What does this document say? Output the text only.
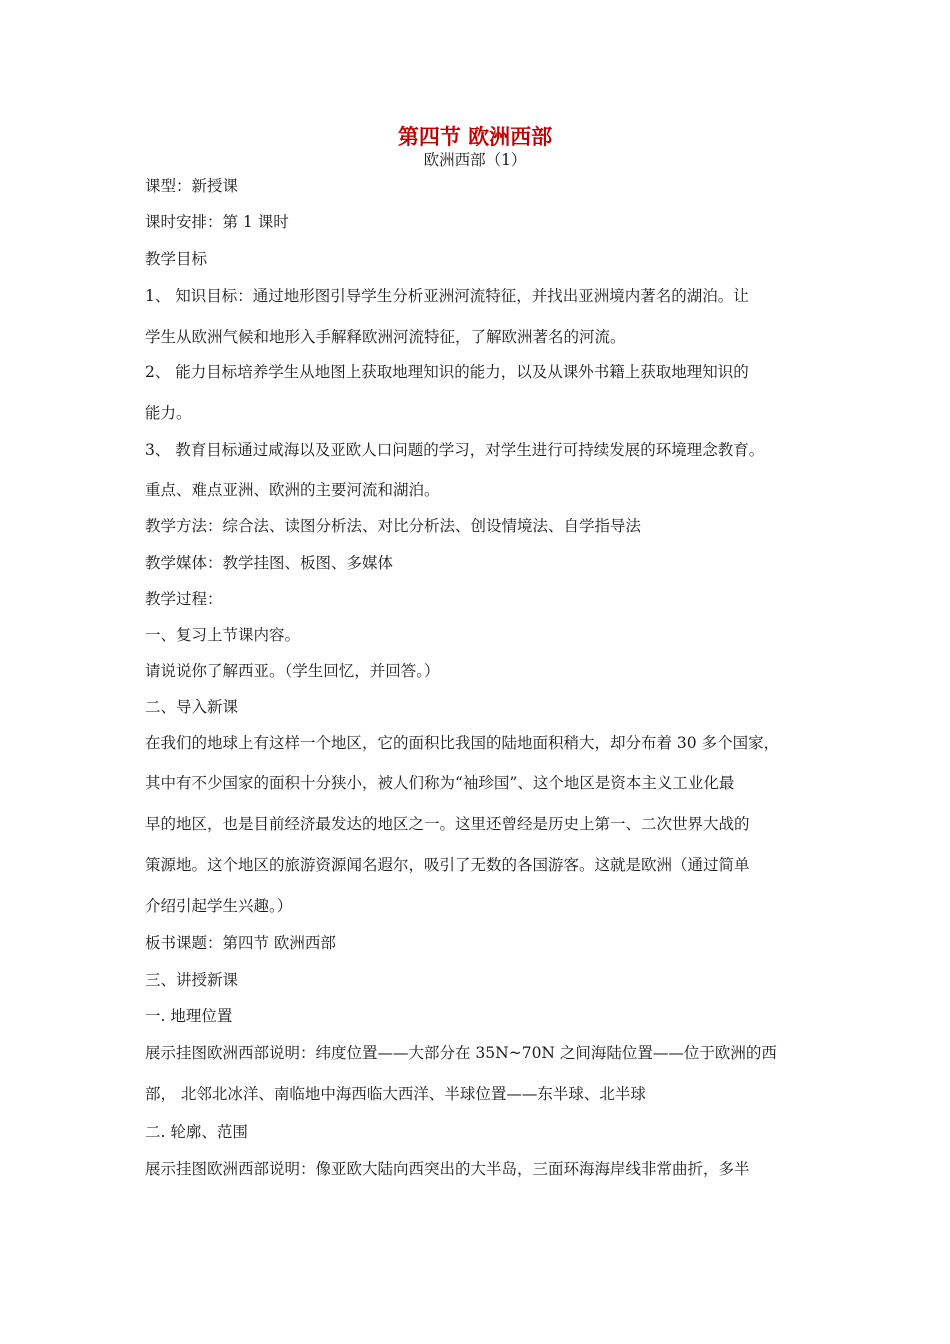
第四节 欧洲西部
欧洲西部（1）
课型：新授课
课时安排：第 1 课时
教学目标
1、 知识目标：通过地形图引导学生分析亚洲河流特征，并找出亚洲境内著名的湖泊。让
学生从欧洲气候和地形入手解释欧洲河流特征，了解欧洲著名的河流。
2、 能力目标培养学生从地图上获取地理知识的能力，以及从课外书籍上获取地理知识的
能力。
3、 教育目标通过咸海以及亚欧人口问题的学习，对学生进行可持续发展的环境理念教育。
重点、难点亚洲、欧洲的主要河流和湖泊。
教学方法：综合法、读图分析法、对比分析法、创设情境法、自学指导法
教学媒体：教学挂图、板图、多媒体
教学过程：
一、复习上节课内容。
请说说你了解西亚。（学生回忆，并回答。）
二、导入新课
在我们的地球上有这样一个地区，它的面积比我国的陆地面积稍大，却分布着 30 多个国家，
其中有不少国家的面积十分狭小，被人们称为“袖珍国”、这个地区是资本主义工业化最
早的地区，也是目前经济最发达的地区之一。这里还曾经是历史上第一、二次世界大战的
策源地。这个地区的旅游资源闻名遐尔，吸引了无数的各国游客。这就是欧洲（通过简单
介绍引起学生兴趣。）
板书课题：第四节 欧洲西部
三、讲授新课
一. 地理位置
展示挂图欧洲西部说明：纬度位置——大部分在 35N~70N 之间海陆位置——位于欧洲的西
部， 北邻北冰洋、南临地中海西临大西洋、半球位置——东半球、北半球
二. 轮廓、范围
展示挂图欧洲西部说明：像亚欧大陆向西突出的大半岛，三面环海海岸线非常曲折，多半
